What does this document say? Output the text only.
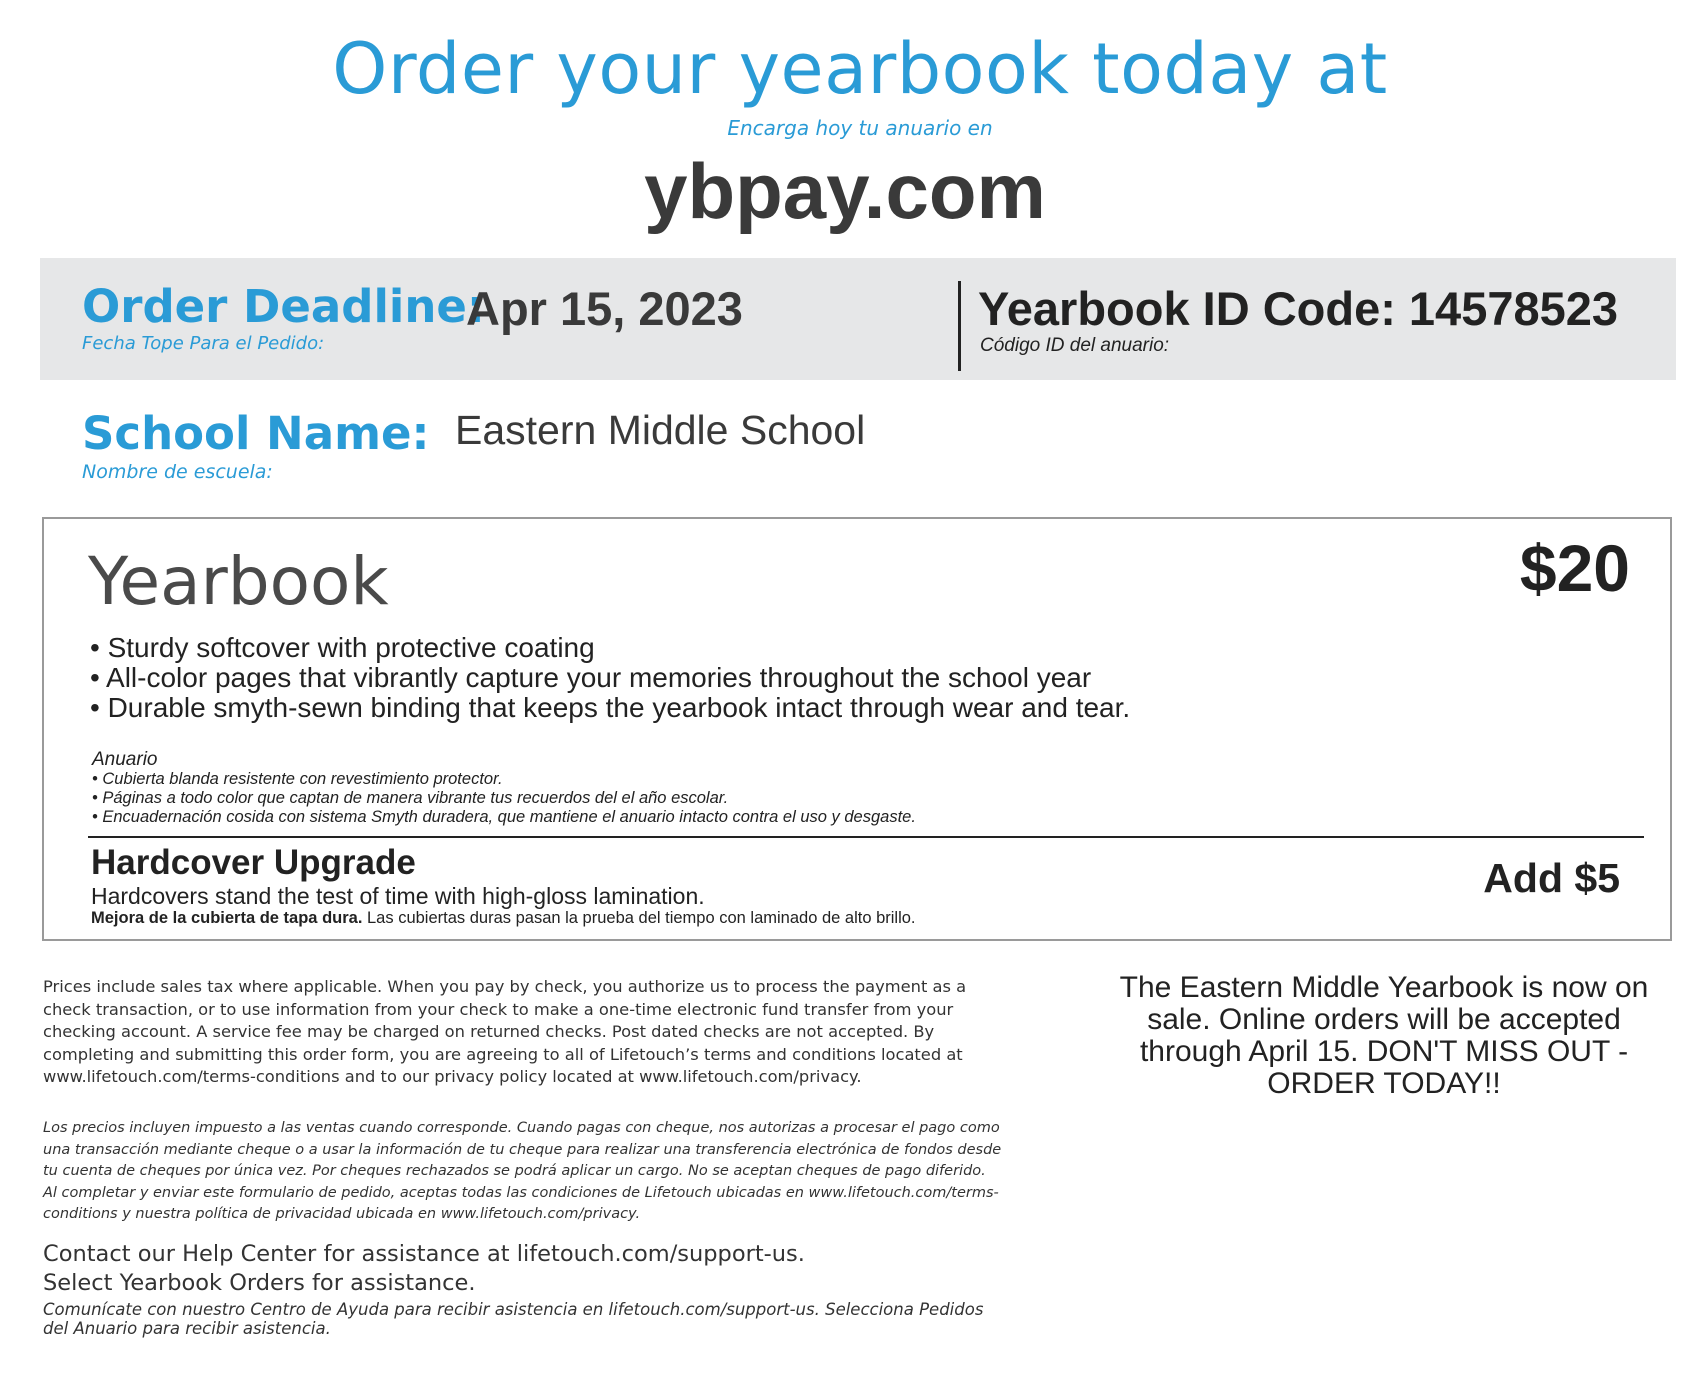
Order your yearbook today at
Encarga hoy tu anuario en
ybpay.com
Order Deadline:
Fecha Tope Para el Pedido:
Apr 15, 2023	Yearbook ID Code: 14578523
Código ID del anuario:
School Name:
Nombre de escuela:
Eastern Middle School
Yearbook	$20
• Sturdy softcover with protective coating
• All-color pages that vibrantly capture your memories throughout the school year
• Durable smyth-sewn binding that keeps the yearbook intact through wear and tear.
Anuario
• Cubierta blanda resistente con revestimiento protector.
• Páginas a todo color que captan de manera vibrante tus recuerdos del el año escolar.
• Encuadernación cosida con sistema Smyth duradera, que mantiene el anuario intacto contra el uso y desgaste.
Hardcover Upgrade
Hardcovers stand the test of time with high-gloss lamination.
Mejora de la cubierta de tapa dura. Las cubiertas duras pasan la prueba del tiempo con laminado de alto brillo.
Add $5
Prices include sales tax where applicable. When you pay by check, you authorize us to process the payment as a check transaction, or to use information from your check to make a one-time electronic fund transfer from your checking account. A service fee may be charged on returned checks. Post dated checks are not accepted. By completing and submitting this order form, you are agreeing to all of Lifetouch’s terms and conditions located at www.lifetouch.com/terms-conditions and to our privacy policy located at www.lifetouch.com/privacy.
Los precios incluyen impuesto a las ventas cuando corresponde. Cuando pagas con cheque, nos autorizas a procesar el pago como una transacción mediante cheque o a usar la información de tu cheque para realizar una transferencia electrónica de fondos desde tu cuenta de cheques por única vez. Por cheques rechazados se podrá aplicar un cargo. No se aceptan cheques de pago diferido. Al completar y enviar este formulario de pedido, aceptas todas las condiciones de Lifetouch ubicadas en www.lifetouch.com/terms-conditions y nuestra política de privacidad ubicada en www.lifetouch.com/privacy.
Contact our Help Center for assistance at lifetouch.com/support-us.
Select Yearbook Orders for assistance.
Comunícate con nuestro Centro de Ayuda para recibir asistencia en lifetouch.com/support-us. Selecciona Pedidos del Anuario para recibir asistencia.
The Eastern Middle Yearbook is now on sale. Online orders will be accepted through April 15. DON'T MISS OUT - ORDER TODAY!!
